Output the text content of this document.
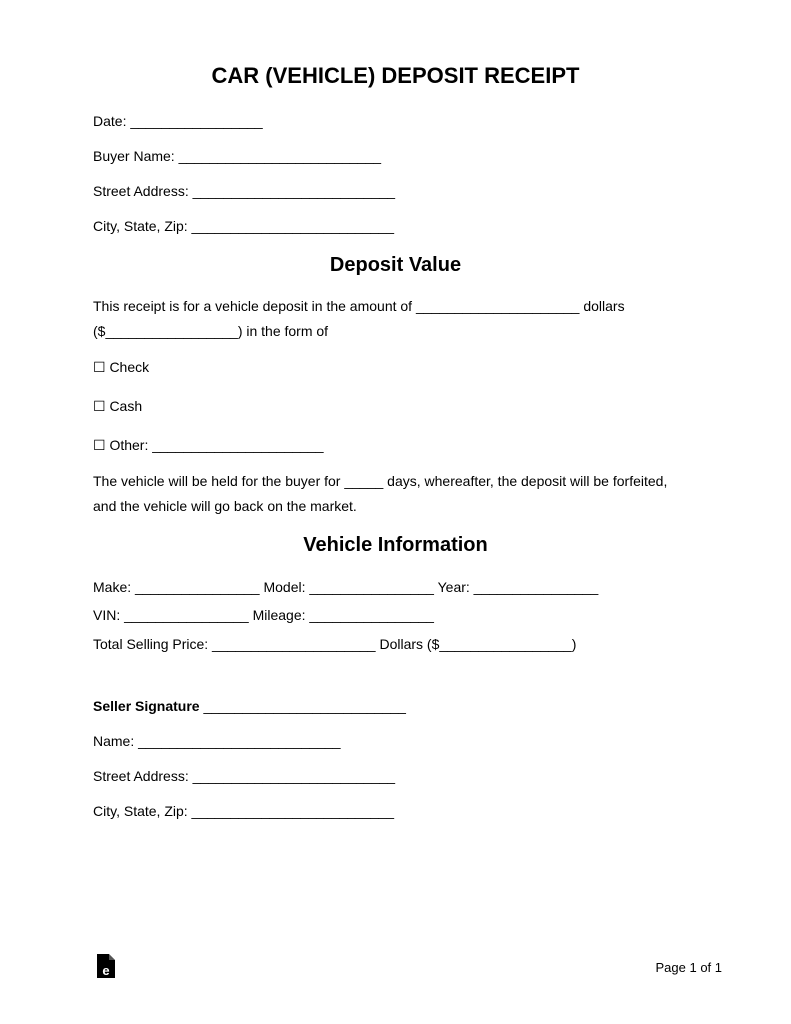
CAR (VEHICLE) DEPOSIT RECEIPT
Date: _________________
Buyer Name: __________________________
Street Address: __________________________
City, State, Zip: __________________________
Deposit Value
This receipt is for a vehicle deposit in the amount of _____________________ dollars
($_________________) in the form of
☐ Check
☐ Cash
☐ Other: ______________________
The vehicle will be held for the buyer for _____ days, whereafter, the deposit will be forfeited,
and the vehicle will go back on the market.
Vehicle Information
Make: ________________ Model: ________________ Year: ________________
VIN: ________________ Mileage: ________________
Total Selling Price: _____________________ Dollars ($_________________)
Seller Signature __________________________
Name: __________________________
Street Address: __________________________
City, State, Zip: __________________________
e	Page 1 of 1
